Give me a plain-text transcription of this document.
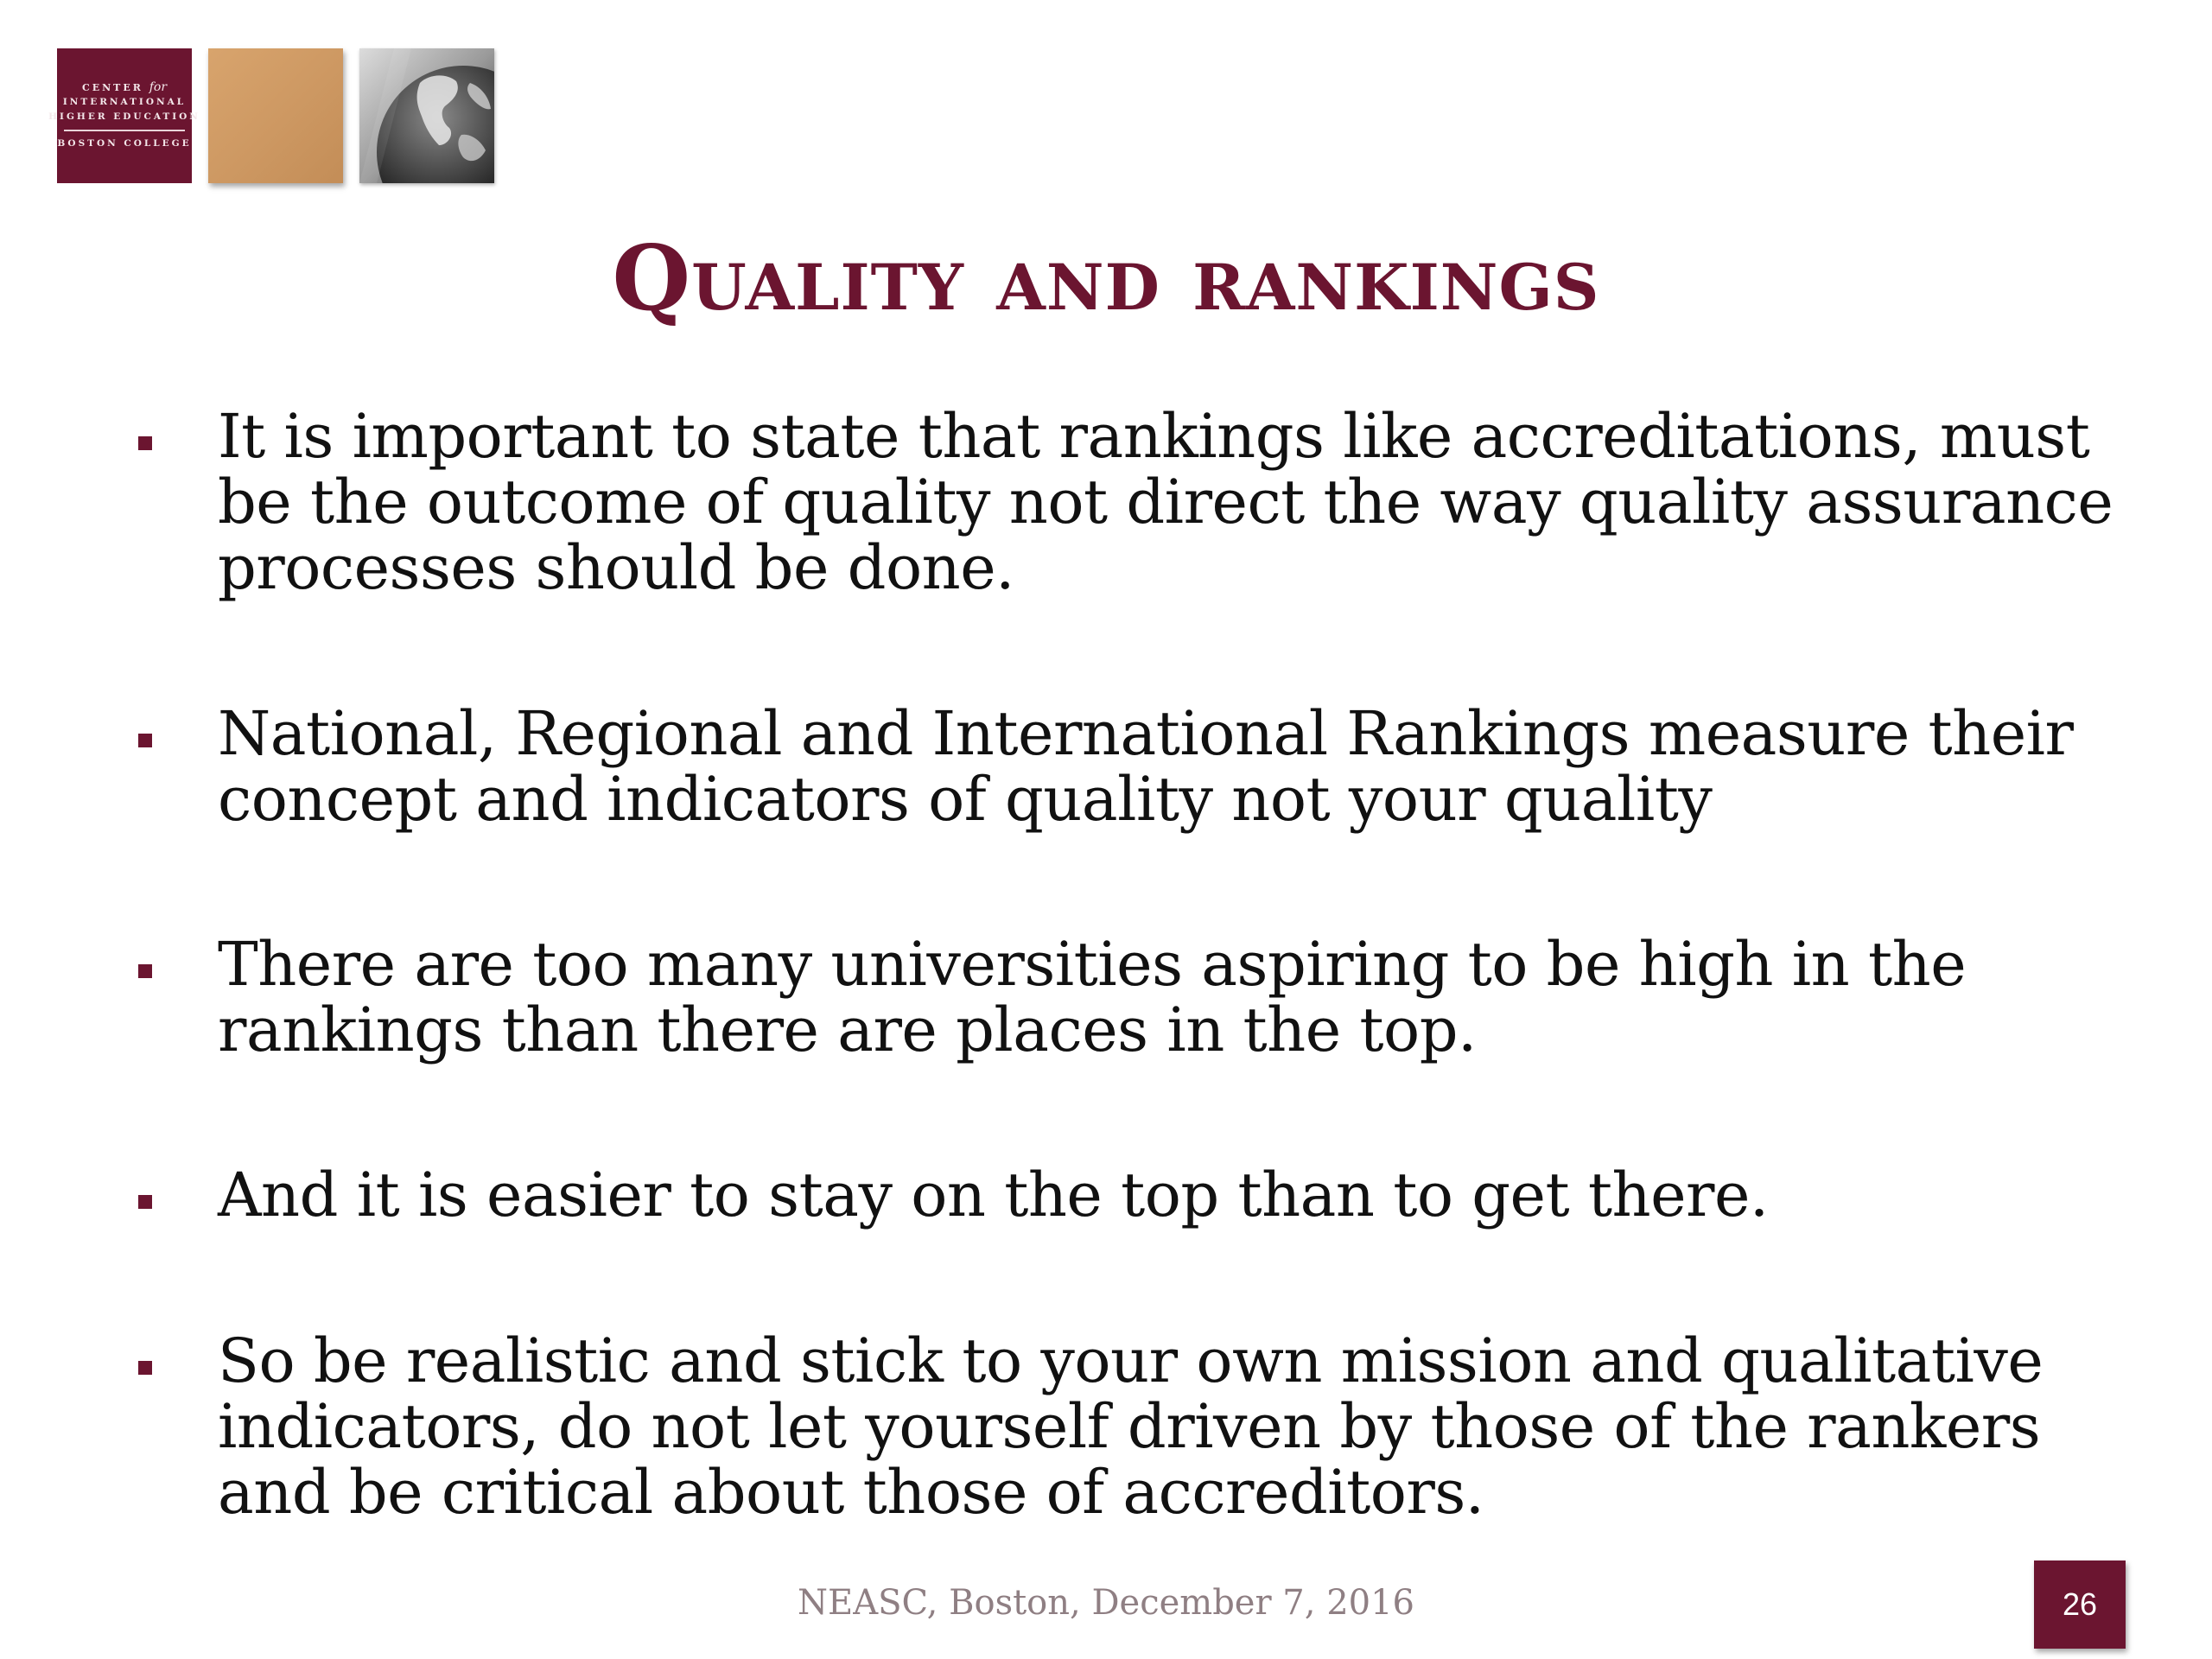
CENTER for
INTERNATIONAL
HIGHER EDUCATION
BOSTON COLLEGE
Quality and rankings
It is important to state that rankings like accreditations, must
be the outcome of quality not direct the way quality assurance
processes should be done.
National, Regional and International Rankings measure their
concept and indicators of quality not your quality
There are too many universities aspiring to be high in the
rankings than there are places in the top.
And it is easier to stay on the top than to get there.
So be realistic and stick to your own mission and qualitative
indicators, do not let yourself driven by those of the rankers
and be critical about those of accreditors.
NEASC, Boston, December 7, 2016	26
